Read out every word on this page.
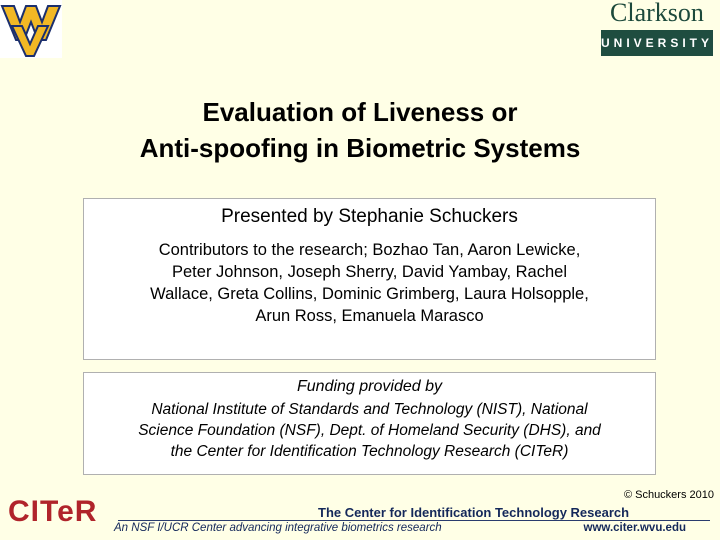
Clarkson
UNIVERSITY
Evaluation of Liveness or
Anti-spoofing in Biometric Systems
Presented by Stephanie Schuckers
Contributors to the research; Bozhao Tan, Aaron Lewicke,
Peter Johnson, Joseph Sherry, David Yambay, Rachel
Wallace, Greta Collins, Dominic Grimberg, Laura Holsopple,
Arun Ross, Emanuela Marasco
Funding provided by
National Institute of Standards and Technology (NIST), National
Science Foundation (NSF), Dept. of Homeland Security (DHS), and
the Center for Identification Technology Research (CITeR)
CITeR	© Schuckers 2010
The Center for Identification Technology Research
An NSF I/UCR Center advancing integrative biometrics research	www.citer.wvu.edu
